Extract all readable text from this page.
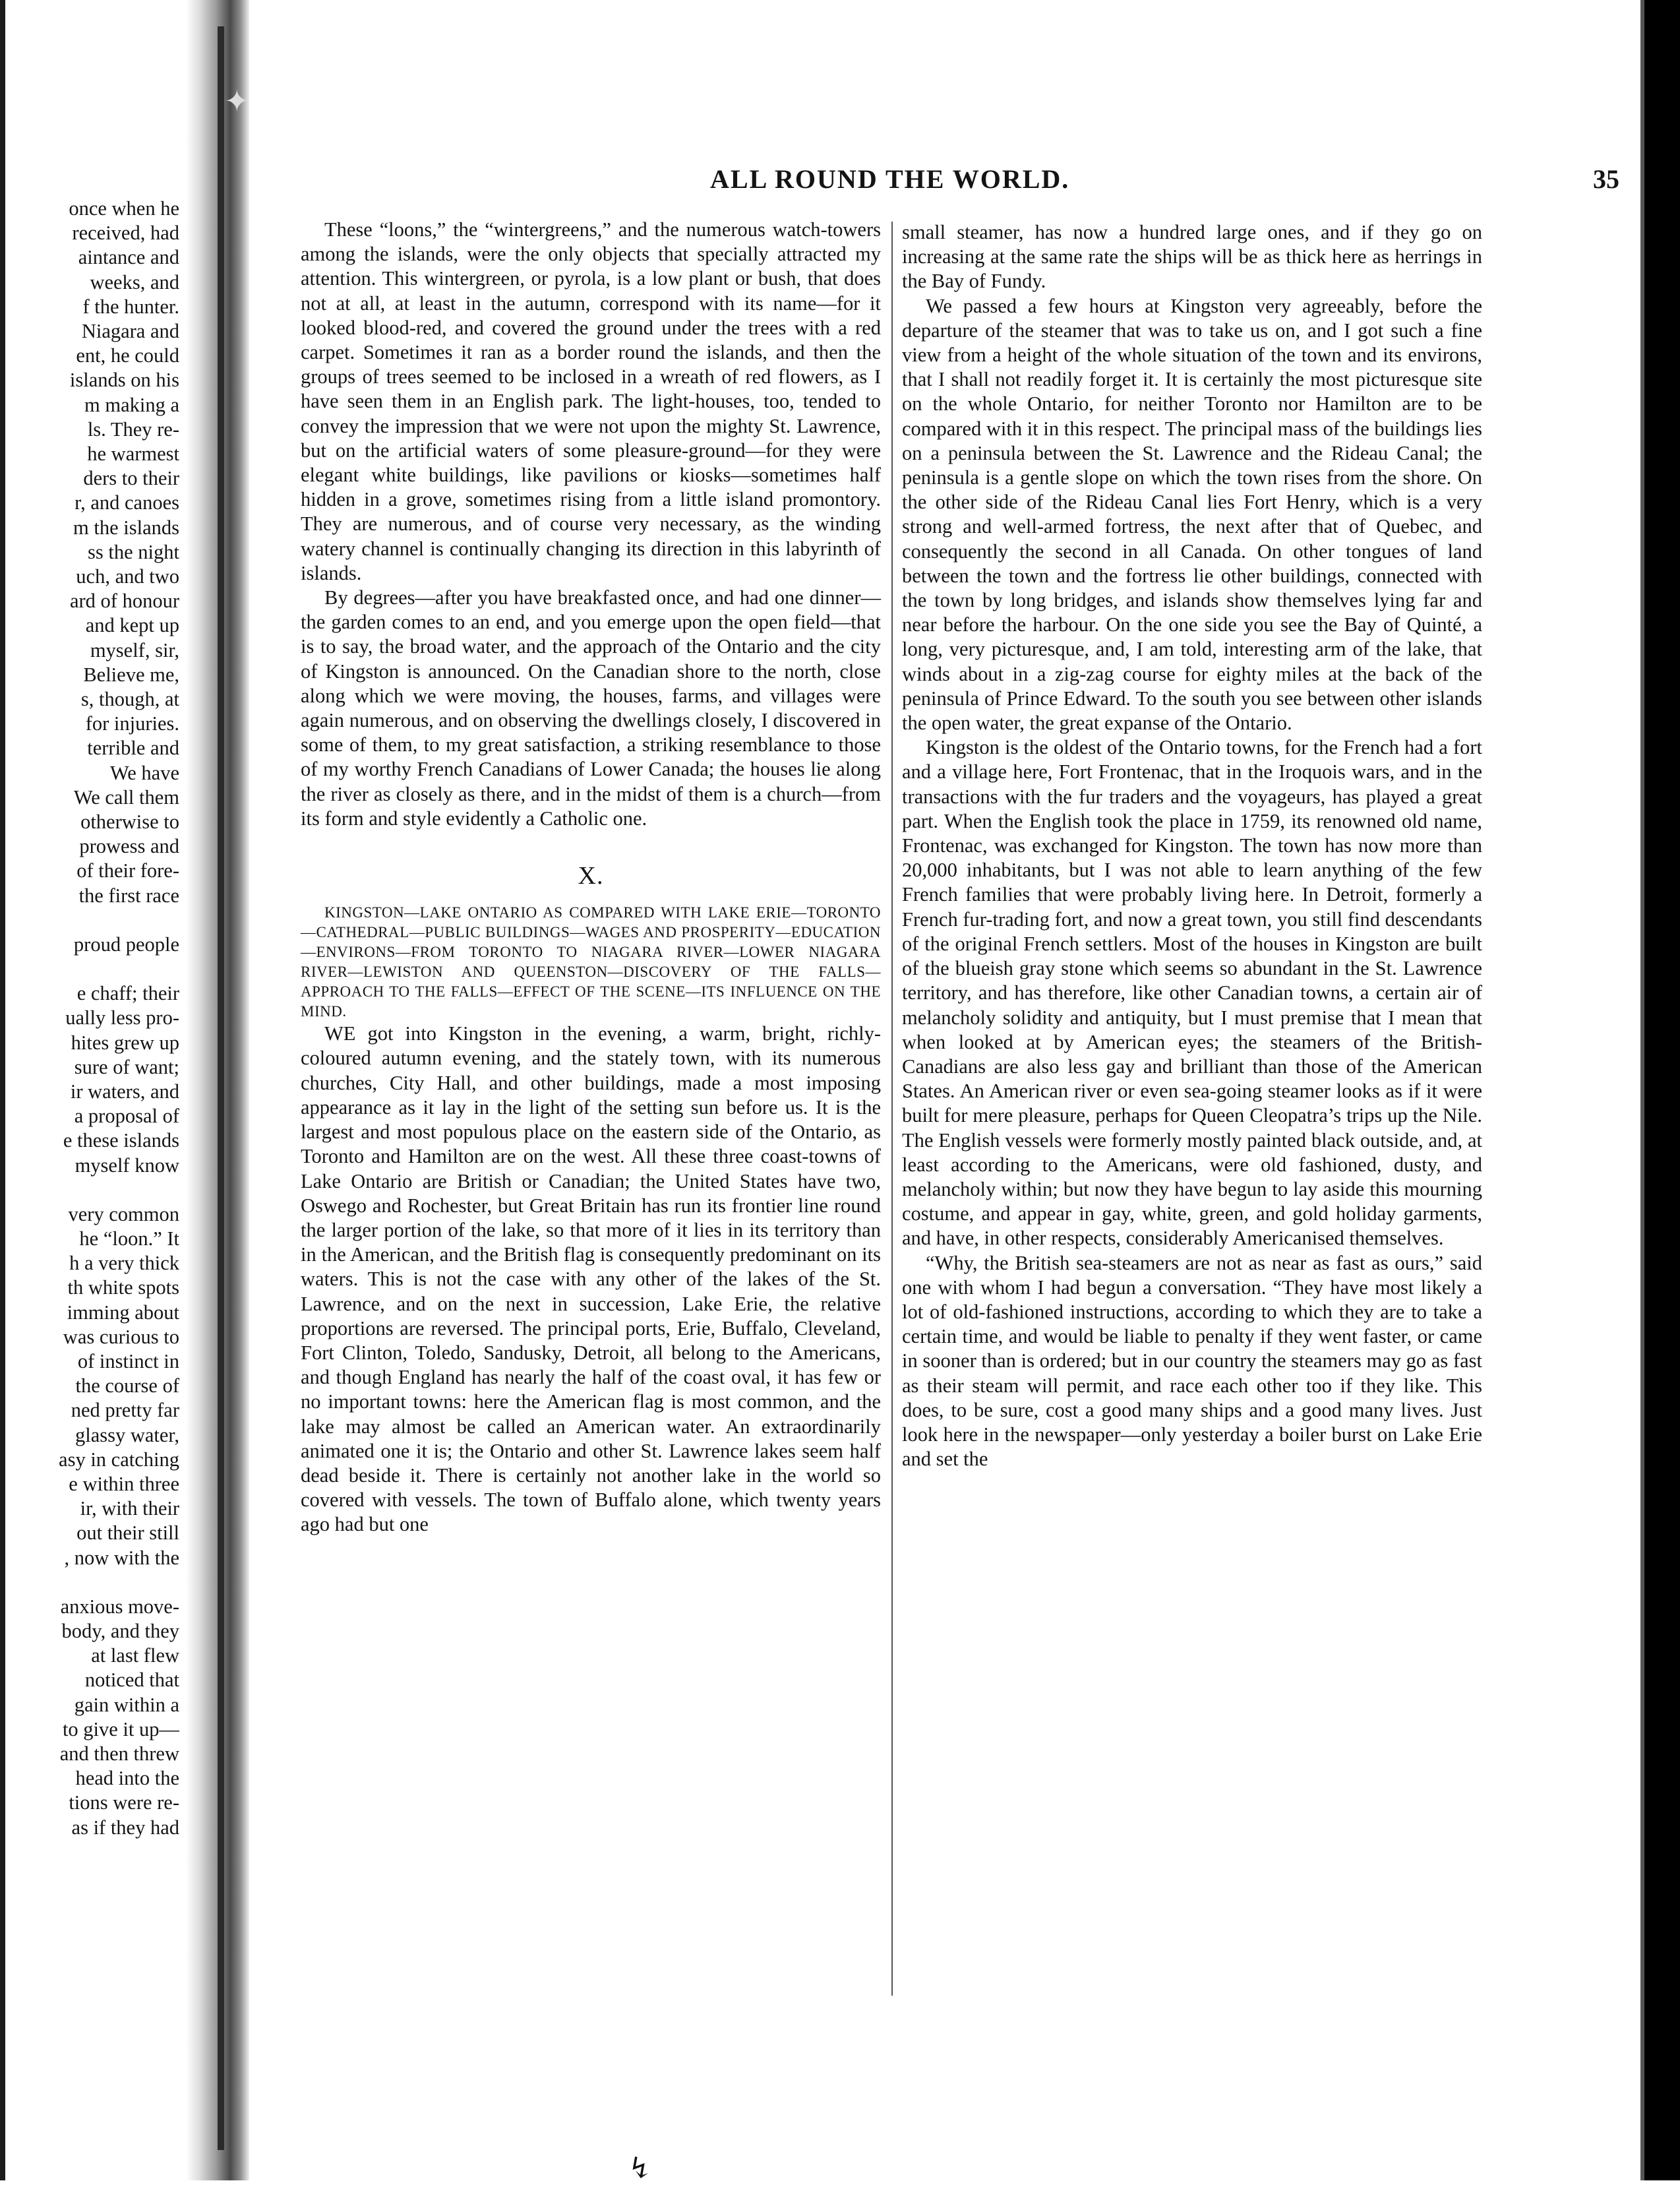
✦
once when he
received, had
aintance and
weeks, and
f the hunter.
Niagara and
ent, he could
islands on his
m making a
ls. They re-
he warmest
ders to their
r, and canoes
m the islands
ss the night
uch, and two
ard of honour
and kept up
myself, sir,
Believe me,
s, though, at
for injuries.
terrible and
We have
We call them
otherwise to
prowess and
of their fore-
the first race
proud people
e chaff; their
ually less pro-
hites grew up
sure of want;
ir waters, and
a proposal of
e these islands
myself know
very common
he “loon.” It
h a very thick
th white spots
imming about
was curious to
of instinct in
the course of
ned pretty far
glassy water,
asy in catching
e within three
ir, with their
out their still
, now with the
anxious move-
body, and they
at last flew
noticed that
gain within a
to give it up—
and then threw
head into the
tions were re-
as if they had
ALL ROUND THE WORLD.	35

These “loons,” the “wintergreens,” and the numerous watch-towers among the islands, were the only objects that specially attracted my attention. This wintergreen, or pyrola, is a low plant or bush, that does not at all, at least in the autumn, correspond with its name—for it looked blood-red, and covered the ground under the trees with a red carpet. Sometimes it ran as a border round the islands, and then the groups of trees seemed to be inclosed in a wreath of red flowers, as I have seen them in an English park. The light-houses, too, tended to convey the impression that we were not upon the mighty St. Lawrence, but on the artificial waters of some pleasure-ground—for they were elegant white buildings, like pavilions or kiosks—sometimes half hidden in a grove, sometimes rising from a little island promontory. They are numerous, and of course very necessary, as the winding watery channel is continually changing its direction in this labyrinth of islands.

By degrees—after you have breakfasted once, and had one dinner—the garden comes to an end, and you emerge upon the open field—that is to say, the broad water, and the approach of the Ontario and the city of Kingston is announced. On the Canadian shore to the north, close along which we were moving, the houses, farms, and villages were again numerous, and on observing the dwellings closely, I discovered in some of them, to my great satisfaction, a striking resemblance to those of my worthy French Canadians of Lower Canada; the houses lie along the river as closely as there, and in the midst of them is a church—from its form and style evidently a Catholic one.

X.

KINGSTON—LAKE ONTARIO AS COMPARED WITH LAKE ERIE—TORONTO—CATHEDRAL—PUBLIC BUILDINGS—WAGES AND PROSPERITY—EDUCATION—ENVIRONS—FROM TORONTO TO NIAGARA RIVER—LOWER NIAGARA RIVER—LEWISTON AND QUEENSTON—DISCOVERY OF THE FALLS—APPROACH TO THE FALLS—EFFECT OF THE SCENE—ITS INFLUENCE ON THE MIND.

WE got into Kingston in the evening, a warm, bright, richly-coloured autumn evening, and the stately town, with its numerous churches, City Hall, and other buildings, made a most imposing appearance as it lay in the light of the setting sun before us. It is the largest and most populous place on the eastern side of the Ontario, as Toronto and Hamilton are on the west. All these three coast-towns of Lake Ontario are British or Canadian; the United States have two, Oswego and Rochester, but Great Britain has run its frontier line round the larger portion of the lake, so that more of it lies in its territory than in the American, and the British flag is consequently predominant on its waters. This is not the case with any other of the lakes of the St. Lawrence, and on the next in succession, Lake Erie, the relative proportions are reversed. The principal ports, Erie, Buffalo, Cleveland, Fort Clinton, Toledo, Sandusky, Detroit, all belong to the Americans, and though England has nearly the half of the coast oval, it has few or no important towns: here the American flag is most common, and the lake may almost be called an American water. An extraordinarily animated one it is; the Ontario and other St. Lawrence lakes seem half dead beside it. There is certainly not another lake in the world so covered with vessels. The town of Buffalo alone, which twenty years ago had but one

small steamer, has now a hundred large ones, and if they go on increasing at the same rate the ships will be as thick here as herrings in the Bay of Fundy.

We passed a few hours at Kingston very agreeably, before the departure of the steamer that was to take us on, and I got such a fine view from a height of the whole situation of the town and its environs, that I shall not readily forget it. It is certainly the most picturesque site on the whole Ontario, for neither Toronto nor Hamilton are to be compared with it in this respect. The principal mass of the buildings lies on a peninsula between the St. Lawrence and the Rideau Canal; the peninsula is a gentle slope on which the town rises from the shore. On the other side of the Rideau Canal lies Fort Henry, which is a very strong and well-armed fortress, the next after that of Quebec, and consequently the second in all Canada. On other tongues of land between the town and the fortress lie other buildings, connected with the town by long bridges, and islands show themselves lying far and near before the harbour. On the one side you see the Bay of Quinté, a long, very picturesque, and, I am told, interesting arm of the lake, that winds about in a zig-zag course for eighty miles at the back of the peninsula of Prince Edward. To the south you see between other islands the open water, the great expanse of the Ontario.

Kingston is the oldest of the Ontario towns, for the French had a fort and a village here, Fort Frontenac, that in the Iroquois wars, and in the transactions with the fur traders and the voyageurs, has played a great part. When the English took the place in 1759, its renowned old name, Frontenac, was exchanged for Kingston. The town has now more than 20,000 inhabitants, but I was not able to learn anything of the few French families that were probably living here. In Detroit, formerly a French fur-trading fort, and now a great town, you still find descendants of the original French settlers. Most of the houses in Kingston are built of the blueish gray stone which seems so abundant in the St. Lawrence territory, and has therefore, like other Canadian towns, a certain air of melancholy solidity and antiquity, but I must premise that I mean that when looked at by American eyes; the steamers of the British-Canadians are also less gay and brilliant than those of the American States. An American river or even sea-going steamer looks as if it were built for mere pleasure, perhaps for Queen Cleopatra’s trips up the Nile. The English vessels were formerly mostly painted black outside, and, at least according to the Americans, were old fashioned, dusty, and melancholy within; but now they have begun to lay aside this mourning costume, and appear in gay, white, green, and gold holiday garments, and have, in other respects, considerably Americanised themselves.

“Why, the British sea-steamers are not as near as fast as ours,” said one with whom I had begun a conversation. “They have most likely a lot of old-fashioned instructions, according to which they are to take a certain time, and would be liable to penalty if they went faster, or came in sooner than is ordered; but in our country the steamers may go as fast as their steam will permit, and race each other too if they like. This does, to be sure, cost a good many ships and a good many lives. Just look here in the newspaper—only yesterday a boiler burst on Lake Erie and set the

↯
